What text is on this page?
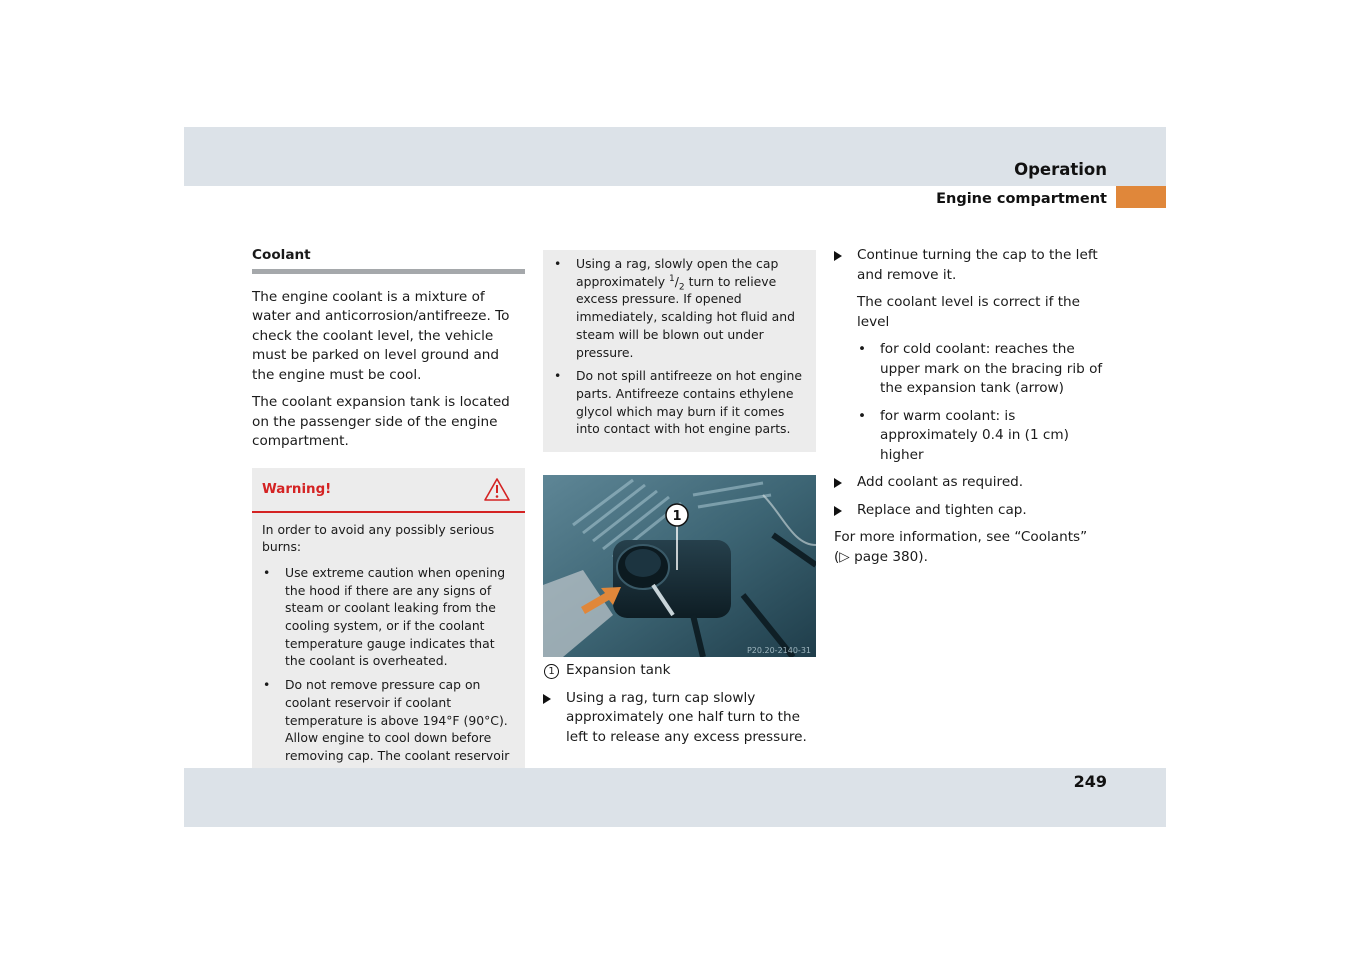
Operation
Engine compartment
Coolant

The engine coolant is a mixture of water and anticorrosion/antifreeze. To check the coolant level, the vehicle must be parked on level ground and the engine must be cool.

The coolant expansion tank is located on the passenger side of the engine compartment.

Warning!

In order to avoid any possibly serious burns:

• Use extreme caution when opening the hood if there are any signs of steam or coolant leaking from the cooling system, or if the coolant temperature gauge indicates that the coolant is overheated.
• Do not remove pressure cap on coolant reservoir if coolant temperature is above 194°F (90°C). Allow engine to cool down before removing cap. The coolant reservoir
• Using a rag, slowly open the cap approximately $^1/_2$ turn to relieve excess pressure. If opened immediately, scalding hot fluid and steam will be blown out under pressure.
• Do not spill antifreeze on hot engine parts. Antifreeze contains ethylene glycol which may burn if it comes into contact with hot engine parts.
1
P20.20-2140-31
1 Expansion tank
Using a rag, turn cap slowly approximately one half turn to the left to release any excess pressure.
Continue turning the cap to the left and remove it.
The coolant level is correct if the level
• for cold coolant: reaches the upper mark on the bracing rib of the expansion tank (arrow)
• for warm coolant: is approximately 0.4 in (1 cm) higher
Add coolant as required.
Replace and tighten cap.
For more information, see “Coolants”
(▷ page 380).
249
